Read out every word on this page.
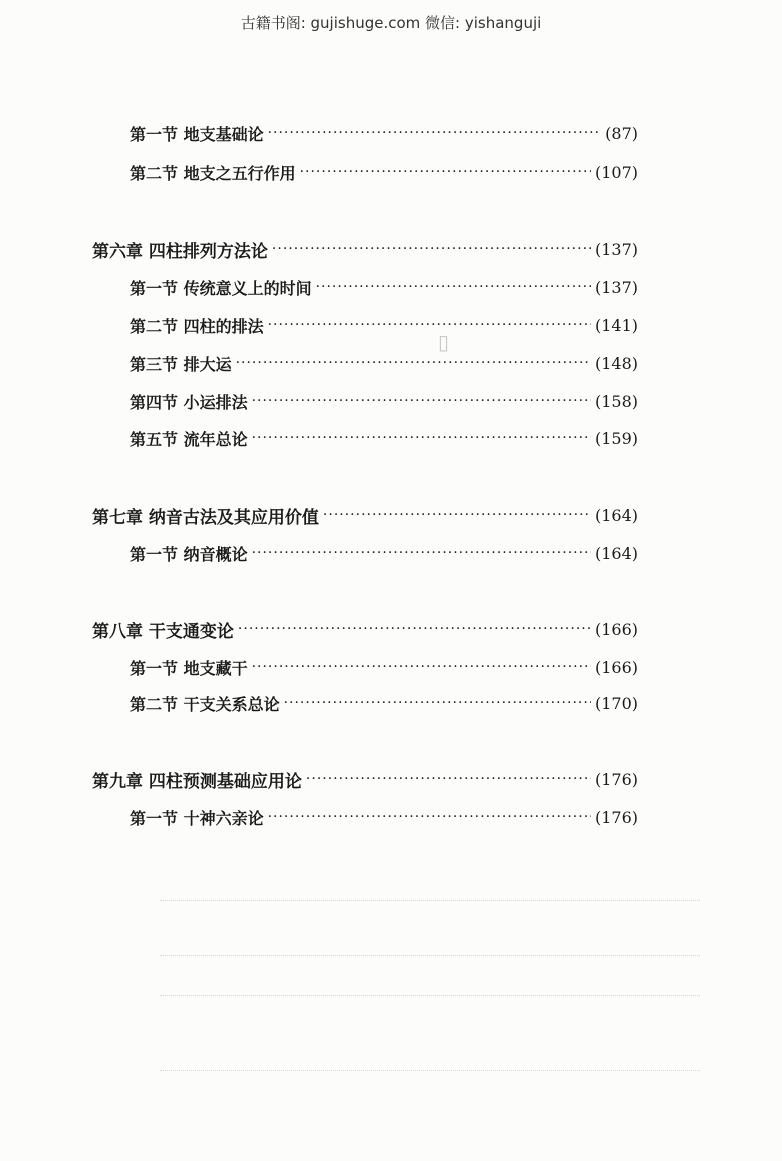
古籍书阁: gujishuge.com 微信: yishanguji
▯
第一节 地支基础论 ·····	(87)
第二节 地支之五行作用 ·····	(107)
第六章 四柱排列方法论 ·····	(137)
第一节 传统意义上的时间 ·····	(137)
第二节 四柱的排法 ·····	(141)
第三节 排大运 ·····	(148)
第四节 小运排法 ·····	(158)
第五节 流年总论 ·····	(159)
第七章 纳音古法及其应用价值 ·····	(164)
第一节 纳音概论 ·····	(164)
第八章 干支通变论 ·····	(166)
第一节 地支藏干 ·····	(166)
第二节 干支关系总论 ·····	(170)
第九章 四柱预测基础应用论 ·····	(176)
第一节 十神六亲论 ·····	(176)
